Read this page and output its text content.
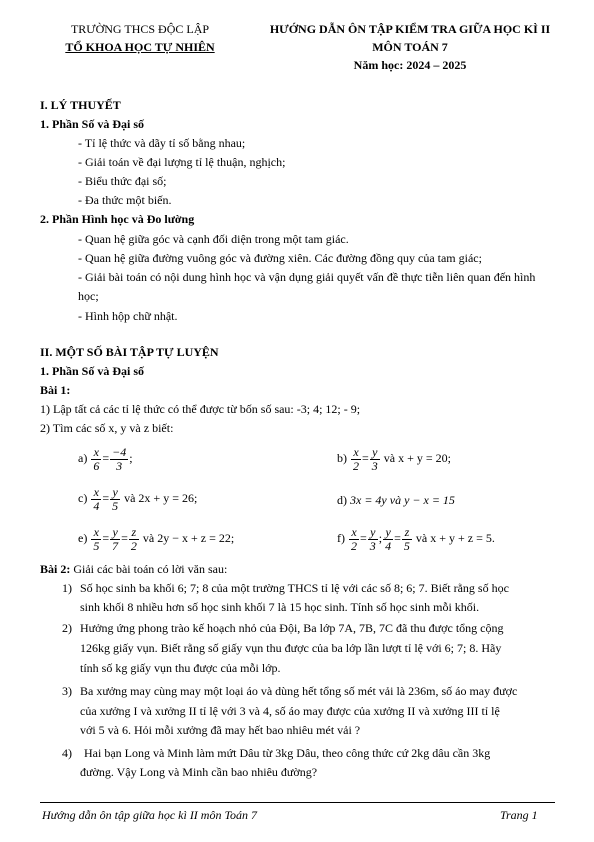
TRƯỜNG THCS ĐỘC LẬP
TỔ KHOA HỌC TỰ NHIÊN
HƯỚNG DẪN ÔN TẬP KIỂM TRA GIỮA HỌC KÌ II
MÔN TOÁN 7
Năm học: 2024 – 2025
I. LÝ THUYẾT
1. Phần Số và Đại số
- Tỉ lệ thức và dãy tỉ số bằng nhau;
- Giải toán về đại lượng tỉ lệ thuận, nghịch;
- Biểu thức đại số;
- Đa thức một biến.
2. Phần Hình học và Đo lường
- Quan hệ giữa góc và cạnh đối diện trong một tam giác.
- Quan hệ giữa đường vuông góc và đường xiên. Các đường đồng quy của tam giác;
- Giải bài toán có nội dung hình học và vận dụng giải quyết vấn đề thực tiễn liên quan đến hình
học;
- Hình hộp chữ nhật.
II. MỘT SỐ BÀI TẬP TỰ LUYỆN
1. Phần Số và Đại số
Bài 1:
1) Lập tất cả các tỉ lệ thức có thể được từ bốn số sau: -3; 4; 12; - 9;
2) Tìm các số x, y và z biết:
$a) \frac{x}{6} = \frac{-4}{3}$ ;	$b) \frac{x}{2} = \frac{y}{3}$ và x + y = 20;
$c) \frac{x}{4} = \frac{y}{5}$ và 2x + y = 26;	d) 3x = 4y và y − x = 15
$e) \frac{x}{5} = \frac{y}{7} = \frac{z}{2}$ và 2y − x + z = 22;	$f) \frac{x}{2} = \frac{y}{3}$ ; $\frac{y}{4} = \frac{z}{5}$ và x + y + z = 5.
Bài 2: Giải các bài toán có lời văn sau:
1) Số học sinh ba khối 6; 7; 8 của một trường THCS tỉ lệ với các số 8; 6; 7. Biết rằng số học
sinh khối 8 nhiều hơn số học sinh khối 7 là 15 học sinh. Tính số học sinh mỗi khối.
2) Hưởng ứng phong trào kế hoạch nhỏ của Đội, Ba lớp 7A, 7B, 7C đã thu được tổng cộng
126kg giấy vụn. Biết rằng số giấy vụn thu được của ba lớp lần lượt tỉ lệ với 6; 7; 8. Hãy
tính số kg giấy vụn thu được của mỗi lớp.
3) Ba xưởng may cùng may một loại áo và dùng hết tổng số mét vải là 236m, số áo may được
của xưởng I và xưởng II tỉ lệ với 3 và 4, số áo may được của xưởng II và xưởng III tỉ lệ
với 5 và 6. Hỏi mỗi xưởng đã may hết bao nhiêu mét vải ?
4) Hai bạn Long và Minh làm mứt Dâu từ 3kg Dâu, theo công thức cứ 2kg dâu cần 3kg
đường. Vậy Long và Minh cần bao nhiêu đường?
Hướng dẫn ôn tập giữa học kì II môn Toán 7	Trang 1
